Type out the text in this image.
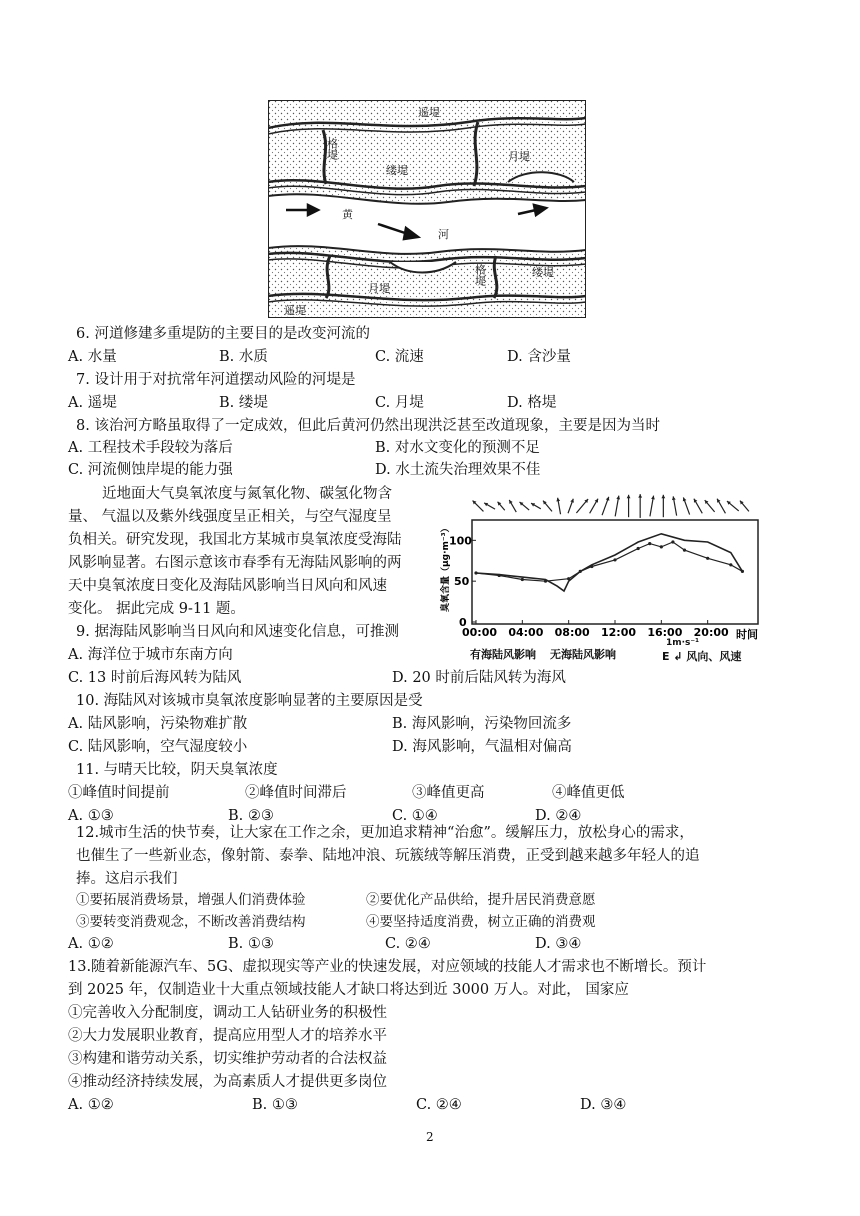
遥堤
格堤
缕堤
月堤
黄
河
格堤	缕堤
月堤
遥堤
6. 河道修建多重堤防的主要目的是改变河流的
A. 水量	B. 水质	C. 流速	D. 含沙量
7. 设计用于对抗常年河道摆动风险的河堤是
A. 遥堤	B. 缕堤	C. 月堤	D. 格堤
8. 该治河方略虽取得了一定成效，但此后黄河仍然出现洪泛甚至改道现象，主要是因为当时
A. 工程技术手段较为落后	B. 对水文变化的预测不足
C. 河流侧蚀岸堤的能力强	D. 水土流失治理效果不佳
近地面大气臭氧浓度与氮氧化物、碳氢化物含
量、 气温以及紫外线强度呈正相关，与空气湿度呈
负相关。研究发现，我国北方某城市臭氧浓度受海陆
风影响显著。右图示意该市春季有无海陆风影响的两
天中臭氧浓度日变化及海陆风影响当日风向和风速
变化。 据此完成 9-11 题。
00:00 04:00 08:00 12:00 16:00 20:00
0
50
100
臭氧含量（μg·m⁻³）
时间
有海陆风影响 无海陆风影响
1m·s⁻¹
E ↲ 风向、风速
9. 据海陆风影响当日风向和风速变化信息，可推测
A. 海洋位于城市东南方向
C. 13 时前后海风转为陆风	D. 20 时前后陆风转为海风
10. 海陆风对该城市臭氧浓度影响显著的主要原因是受
A. 陆风影响，污染物难扩散	B. 海风影响，污染物回流多
C. 陆风影响，空气湿度较小	D. 海风影响，气温相对偏高
11. 与晴天比较，阴天臭氧浓度
①峰值时间提前	②峰值时间滞后	③峰值更高	④峰值更低
A. ①③	B. ②③	C. ①④	D. ②④
12.城市生活的快节奏，让大家在工作之余，更加追求精神“治愈”。缓解压力，放松身心的需求，
也催生了一些新业态，像射箭、泰拳、陆地冲浪、玩簇绒等解压消费，正受到越来越多年轻人的追
捧。这启示我们
①要拓展消费场景，增强人们消费体验	②要优化产品供给，提升居民消费意愿
③要转变消费观念，不断改善消费结构	④要坚持适度消费，树立正确的消费观
A. ①②	B. ①③	C. ②④	D. ③④
13.随着新能源汽车、5G、虚拟现实等产业的快速发展，对应领域的技能人才需求也不断增长。预计
到 2025 年，仅制造业十大重点领域技能人才缺口将达到近 3000 万人。对此， 国家应
①完善收入分配制度，调动工人钻研业务的积极性
②大力发展职业教育，提高应用型人才的培养水平
③构建和谐劳动关系，切实维护劳动者的合法权益
④推动经济持续发展，为高素质人才提供更多岗位
A. ①②	B. ①③	C. ②④	D. ③④
2
